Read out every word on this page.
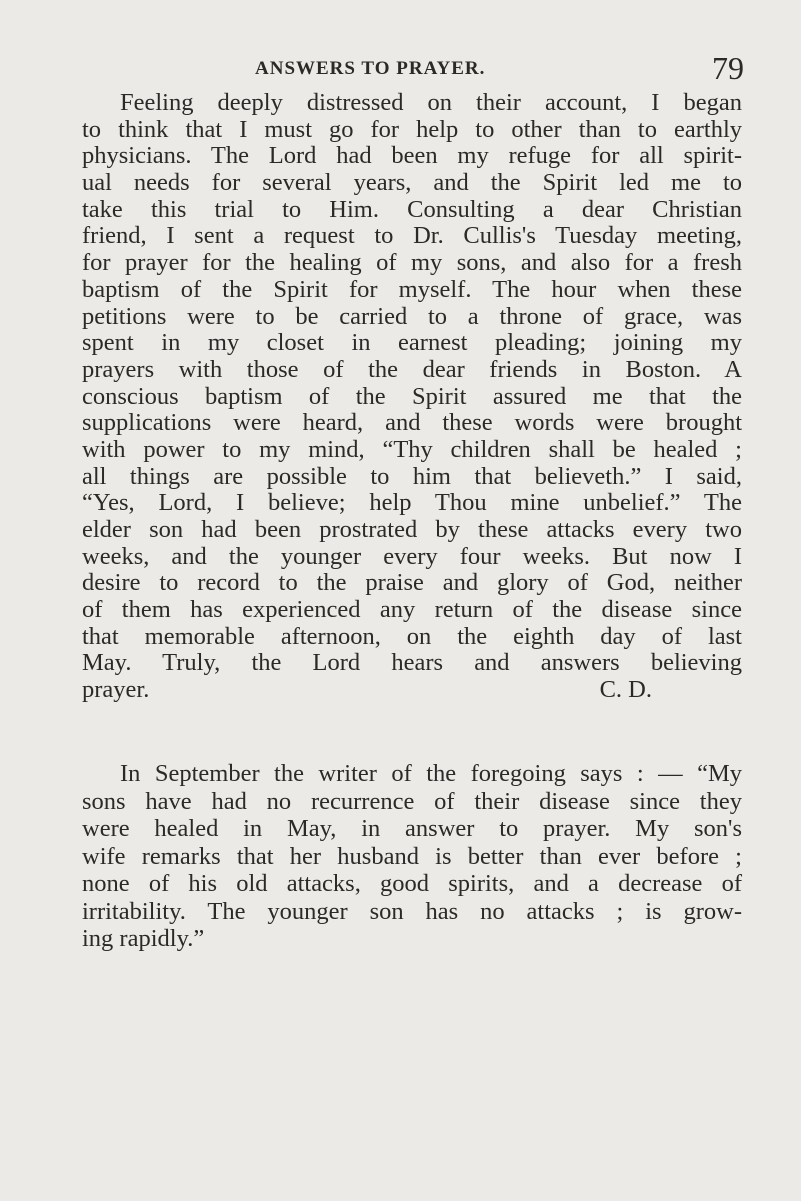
ANSWERS TO PRAYER.	79
Feeling deeply distressed on their account, I began
to think that I must go for help to other than to earthly
physicians. The Lord had been my refuge for all spirit-
ual needs for several years, and the Spirit led me to
take this trial to Him. Consulting a dear Christian
friend, I sent a request to Dr. Cullis's Tuesday meeting,
for prayer for the healing of my sons, and also for a fresh
baptism of the Spirit for myself. The hour when these
petitions were to be carried to a throne of grace, was
spent in my closet in earnest pleading; joining my
prayers with those of the dear friends in Boston. A
conscious baptism of the Spirit assured me that the
supplications were heard, and these words were brought
with power to my mind, “Thy children shall be healed ;
all things are possible to him that believeth.” I said,
“Yes, Lord, I believe; help Thou mine unbelief.” The
elder son had been prostrated by these attacks every two
weeks, and the younger every four weeks. But now I
desire to record to the praise and glory of God, neither
of them has experienced any return of the disease since
that memorable afternoon, on the eighth day of last
May. Truly, the Lord hears and answers believing
prayer.	C. D.
In September the writer of the foregoing says : — “My
sons have had no recurrence of their disease since they
were healed in May, in answer to prayer. My son's
wife remarks that her husband is better than ever before ;
none of his old attacks, good spirits, and a decrease of
irritability. The younger son has no attacks ; is grow-
ing rapidly.”
